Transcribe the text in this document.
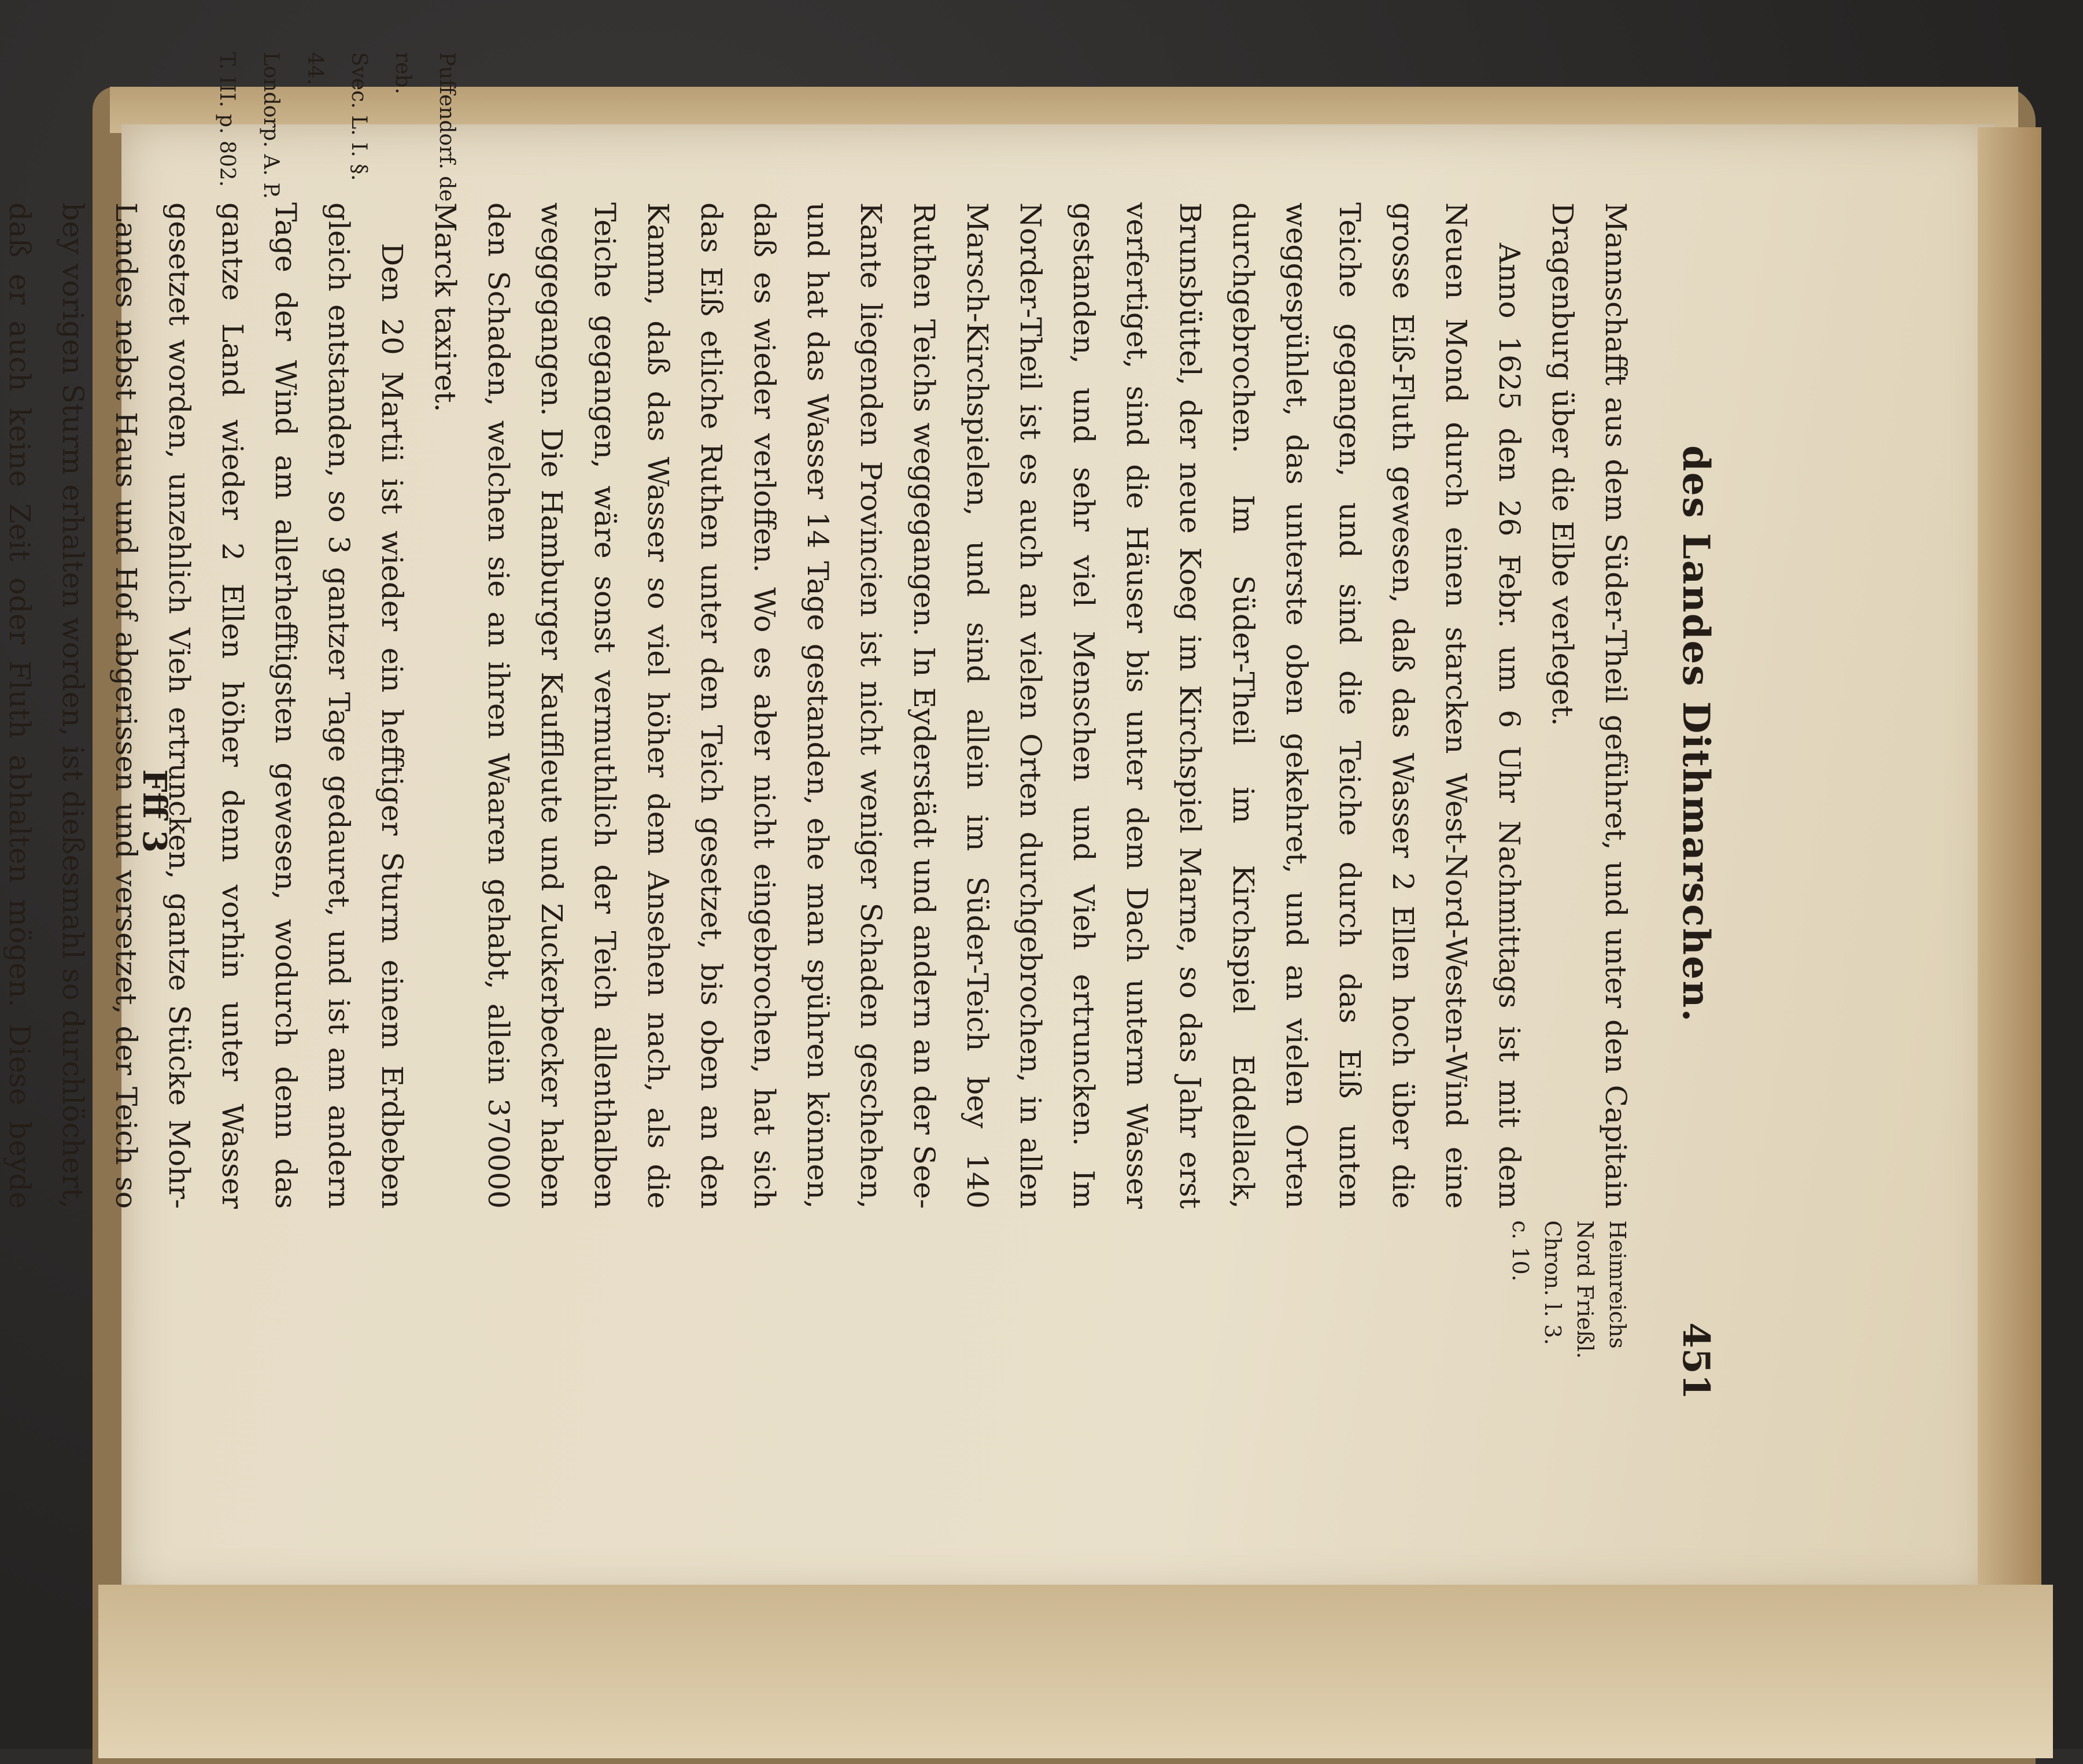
des Landes Dithmarschen.
451
Heimreichs
Nord Frießl.
Chron. l. 3.
c. 10.

Mannschafft aus dem Süder-Theil geführet, und unter den Capitain Dragenburg über die Elbe verleget.

Anno 1625 den 26 Febr. um 6 Uhr Nachmittags ist mit dem Neuen Mond durch einen starcken West-Nord-Westen-Wind eine grosse Eiß-Fluth gewesen, daß das Wasser 2 Ellen hoch über die Teiche gegangen, und sind die Teiche durch das Eiß unten weggespühlet, das unterste oben gekehret, und an vielen Orten durchgebrochen. Im Süder-Theil im Kirchspiel Eddellack, Brunsbüttel, der neue Koeg im Kirchspiel Marne, so das Jahr erst verfertiget, sind die Häuser bis unter dem Dach unterm Wasser gestanden, und sehr viel Menschen und Vieh ertruncken. Im Norder-Theil ist es auch an vielen Orten durchgebrochen, in allen Marsch-Kirchspielen, und sind allein im Süder-Teich bey 140 Ruthen Teichs weggegangen. In Eyderstädt und andern an der See-Kante liegenden Provincien ist nicht weniger Schaden geschehen, und hat das Wasser 14 Tage gestanden, ehe man spühren können, daß es wieder verloffen. Wo es aber nicht eingebrochen, hat sich das Eiß etliche Ruthen unter den Teich gesetzet, bis oben an den Kamm, daß das Wasser so viel höher dem Ansehen nach, als die Teiche gegangen, wäre sonst vermuthlich der Teich allenthalben weggegangen. Die Hamburger Kauffleute und Zuckerbecker haben den Schaden, welchen sie an ihren Waaren gehabt, allein 370000 Marck taxiret.

Den 20 Martii ist wieder ein hefftiger Sturm einem Erdbeben gleich entstanden, so 3 gantzer Tage gedauret, und ist am andern Tage der Wind am allerhefftigsten gewesen, wodurch denn das gantze Land wieder 2 Ellen höher denn vorhin unter Wasser gesetzet worden, unzehlich Vieh ertruncken, gantze Stücke Mohr-Landes nebst Haus und Hof abgerissen und versetzet, der Teich so bey vorigen Sturm erhalten worden, ist dießesmahl so durchlöchert, daß er auch keine Zeit oder Fluth abhalten mögen. Diese beyde

Puffendorf. de reb.
Svec. L. I. §. 44.
Londorp. A. P.
T. III. p. 802.

Fff 3
